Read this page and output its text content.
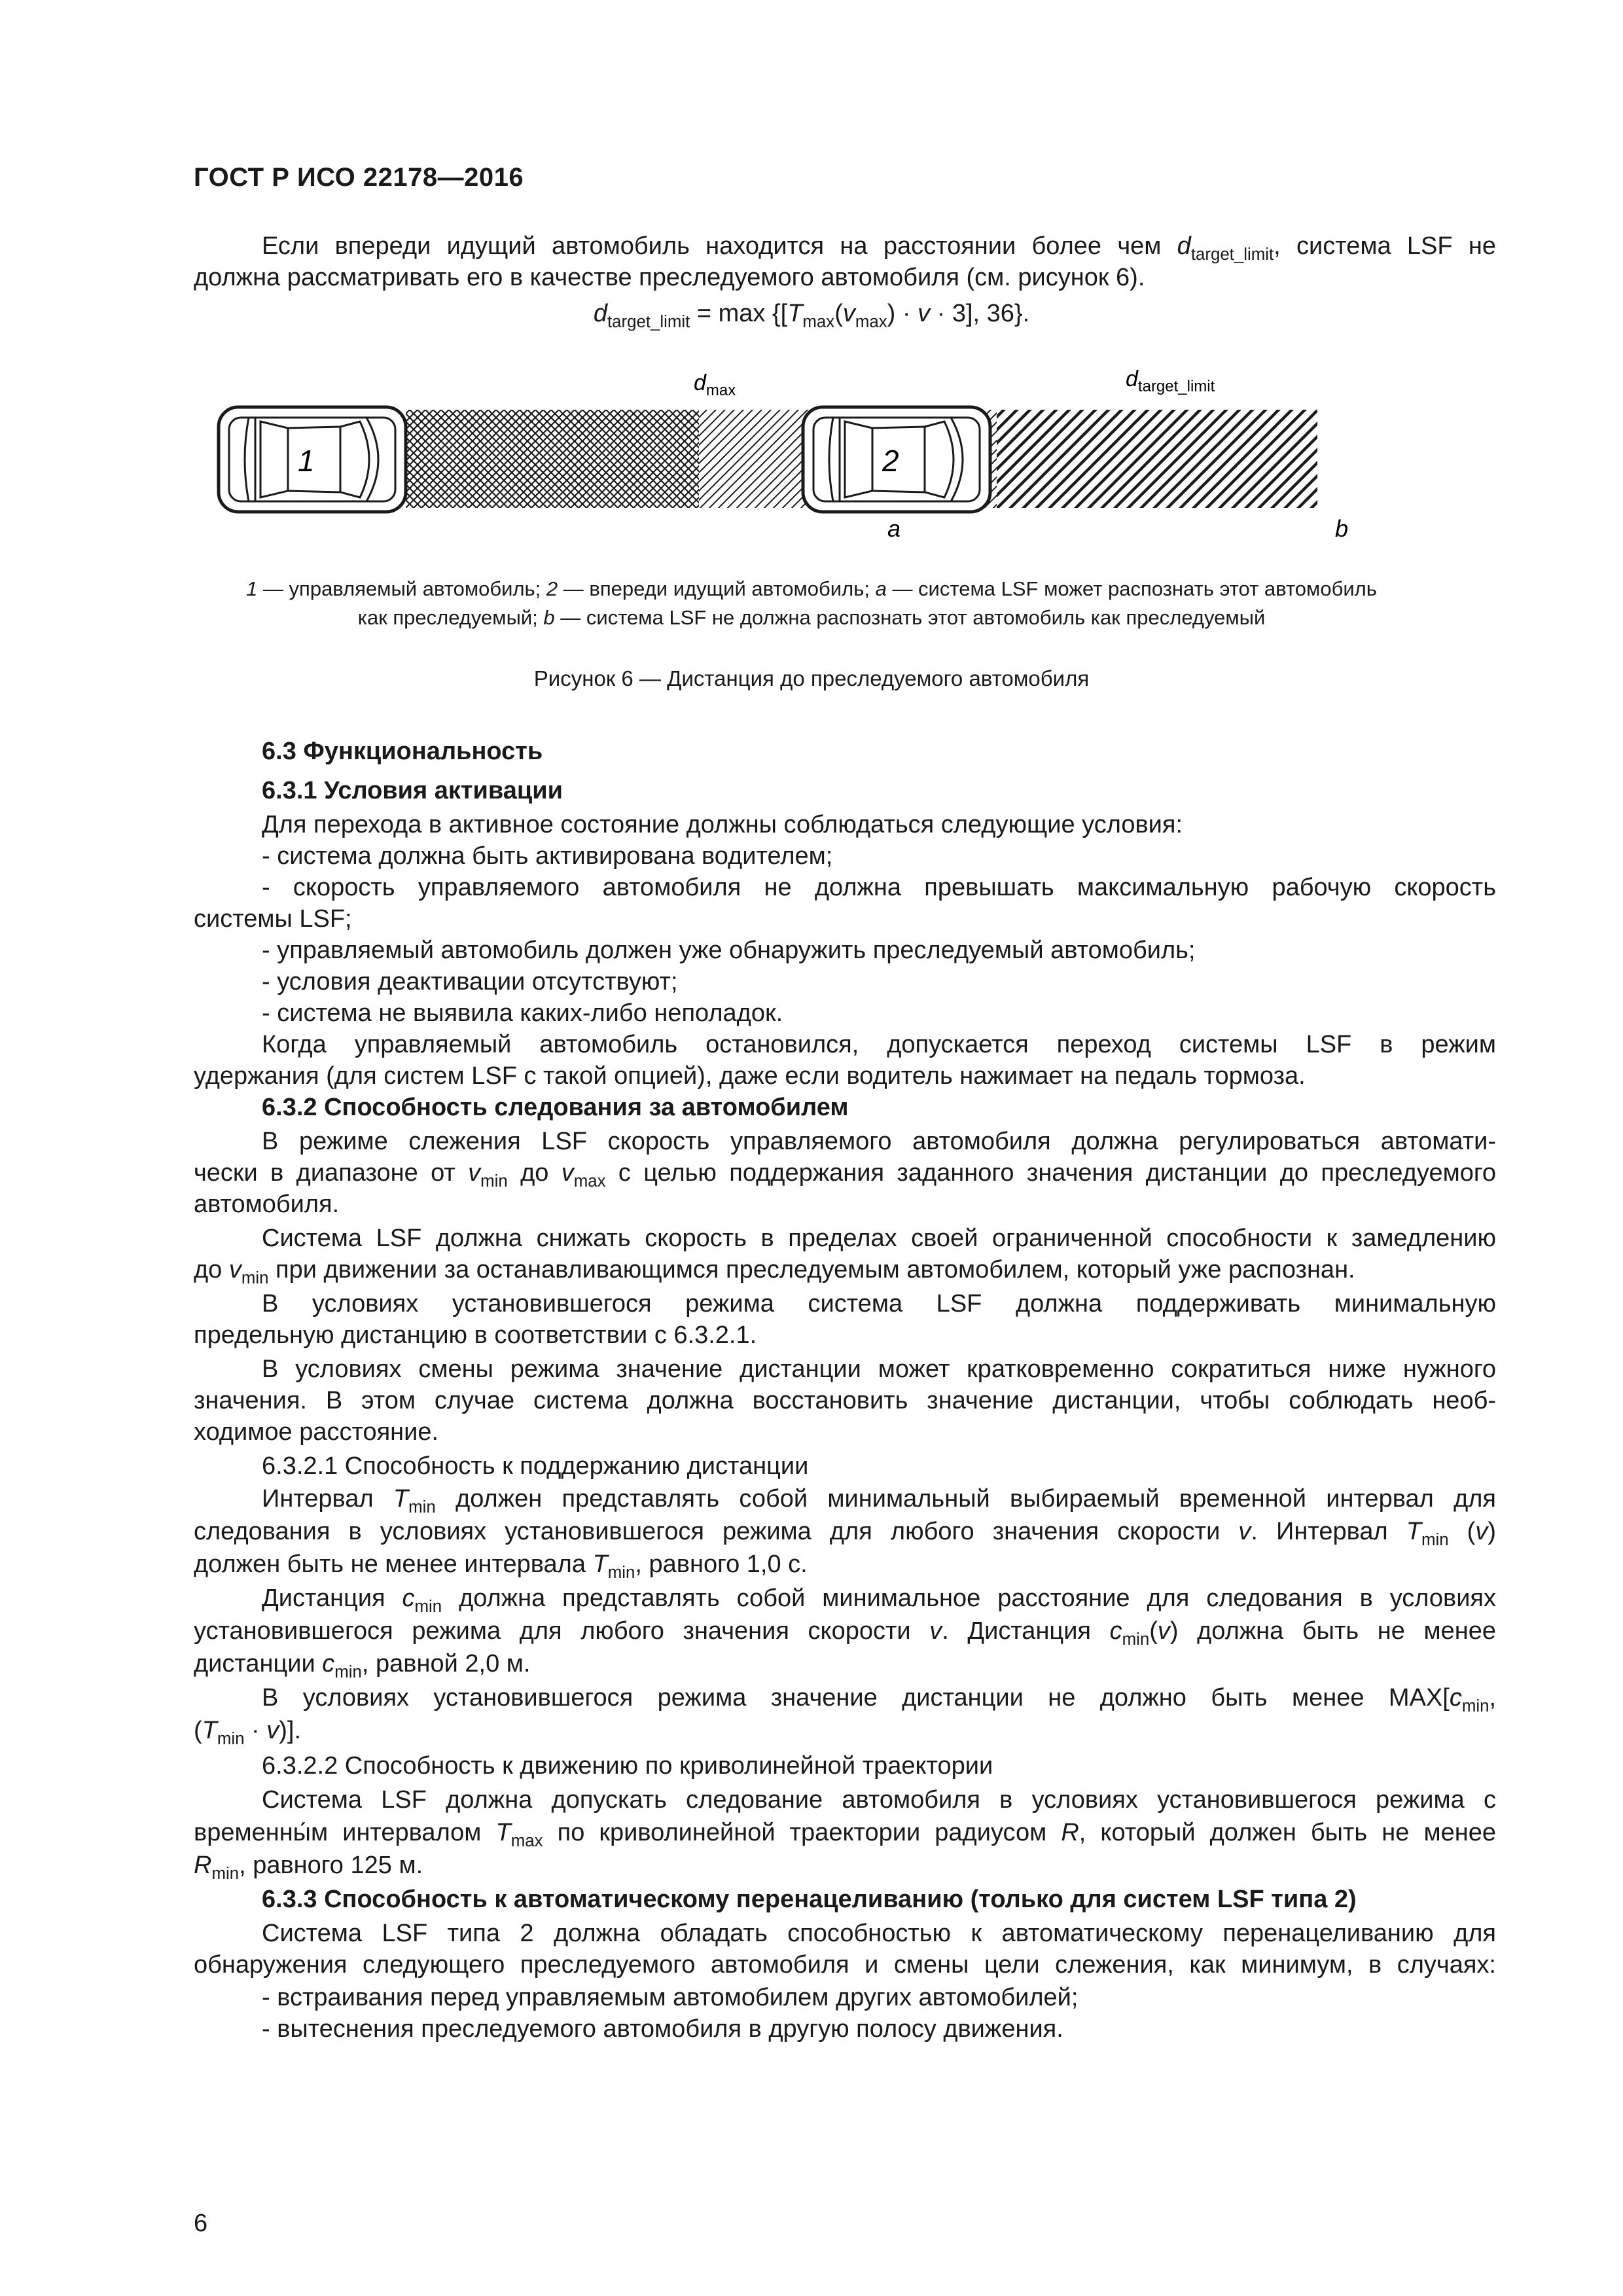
ГОСТ Р ИСО 22178—2016
Если впереди идущий автомобиль находится на расстоянии более чем $d_{target\_limit}$, система LSF не
должна рассматривать его в качестве преследуемого автомобиля (см. рисунок 6).
$d_{target\_limit} = \max \{[T_{max}(v_{max}) \cdot v \cdot 3]$, 36}.
$d_{max}$	$d_{target\_limit}$
1	2
a	b
1 — управляемый автомобиль; 2 — впереди идущий автомобиль; a — система LSF может распознать этот автомобиль
как преследуемый; b — система LSF не должна распознать этот автомобиль как преследуемый
Рисунок 6 — Дистанция до преследуемого автомобиля
6.3 Функциональность
6.3.1 Условия активации
Для перехода в активное состояние должны соблюдаться следующие условия:
- система должна быть активирована водителем;
- скорость управляемого автомобиля не должна превышать максимальную рабочую скорость
системы LSF;
- управляемый автомобиль должен уже обнаружить преследуемый автомобиль;
- условия деактивации отсутствуют;
- система не выявила каких-либо неполадок.
Когда управляемый автомобиль остановился, допускается переход системы LSF в режим
удержания (для систем LSF с такой опцией), даже если водитель нажимает на педаль тормоза.
6.3.2 Способность следования за автомобилем
В режиме слежения LSF скорость управляемого автомобиля должна регулироваться автомати-
чески в диапазоне от $v_{min}$ до $v_{max}$ с целью поддержания заданного значения дистанции до преследуемого
автомобиля.
Система LSF должна снижать скорость в пределах своей ограниченной способности к замедлению
до $v_{min}$ при движении за останавливающимся преследуемым автомобилем, который уже распознан.
В условиях установившегося режима система LSF должна поддерживать минимальную
предельную дистанцию в соответствии с 6.3.2.1.
В условиях смены режима значение дистанции может кратковременно сократиться ниже нужного
значения. В этом случае система должна восстановить значение дистанции, чтобы соблюдать необ-
ходимое расстояние.
6.3.2.1 Способность к поддержанию дистанции
Интервал $T_{min}$ должен представлять собой минимальный выбираемый временной интервал для
следования в условиях установившегося режима для любого значения скорости v. Интервал $T_{min}$ (v)
должен быть не менее интервала $T_{min}$, равного 1,0 с.
Дистанция $c_{min}$ должна представлять собой минимальное расстояние для следования в условиях
установившегося режима для любого значения скорости v. Дистанция $c_{min}(v)$ должна быть не менее
дистанции $c_{min}$, равной 2,0 м.
В условиях установившегося режима значение дистанции не должно быть менее $MAX[c_{min}$,
$(T_{min} \cdot v)$].
6.3.2.2 Способность к движению по криволинейной траектории
Система LSF должна допускать следование автомобиля в условиях установившегося режима с
временны́м интервалом $T_{max}$ по криволинейной траектории радиусом R, который должен быть не менее
$R_{min}$, равного 125 м.
6.3.3 Способность к автоматическому перенацеливанию (только для систем LSF типа 2)
Система LSF типа 2 должна обладать способностью к автоматическому перенацеливанию для
обнаружения следующего преследуемого автомобиля и смены цели слежения, как минимум, в случаях:
- встраивания перед управляемым автомобилем других автомобилей;
- вытеснения преследуемого автомобиля в другую полосу движения.
6
